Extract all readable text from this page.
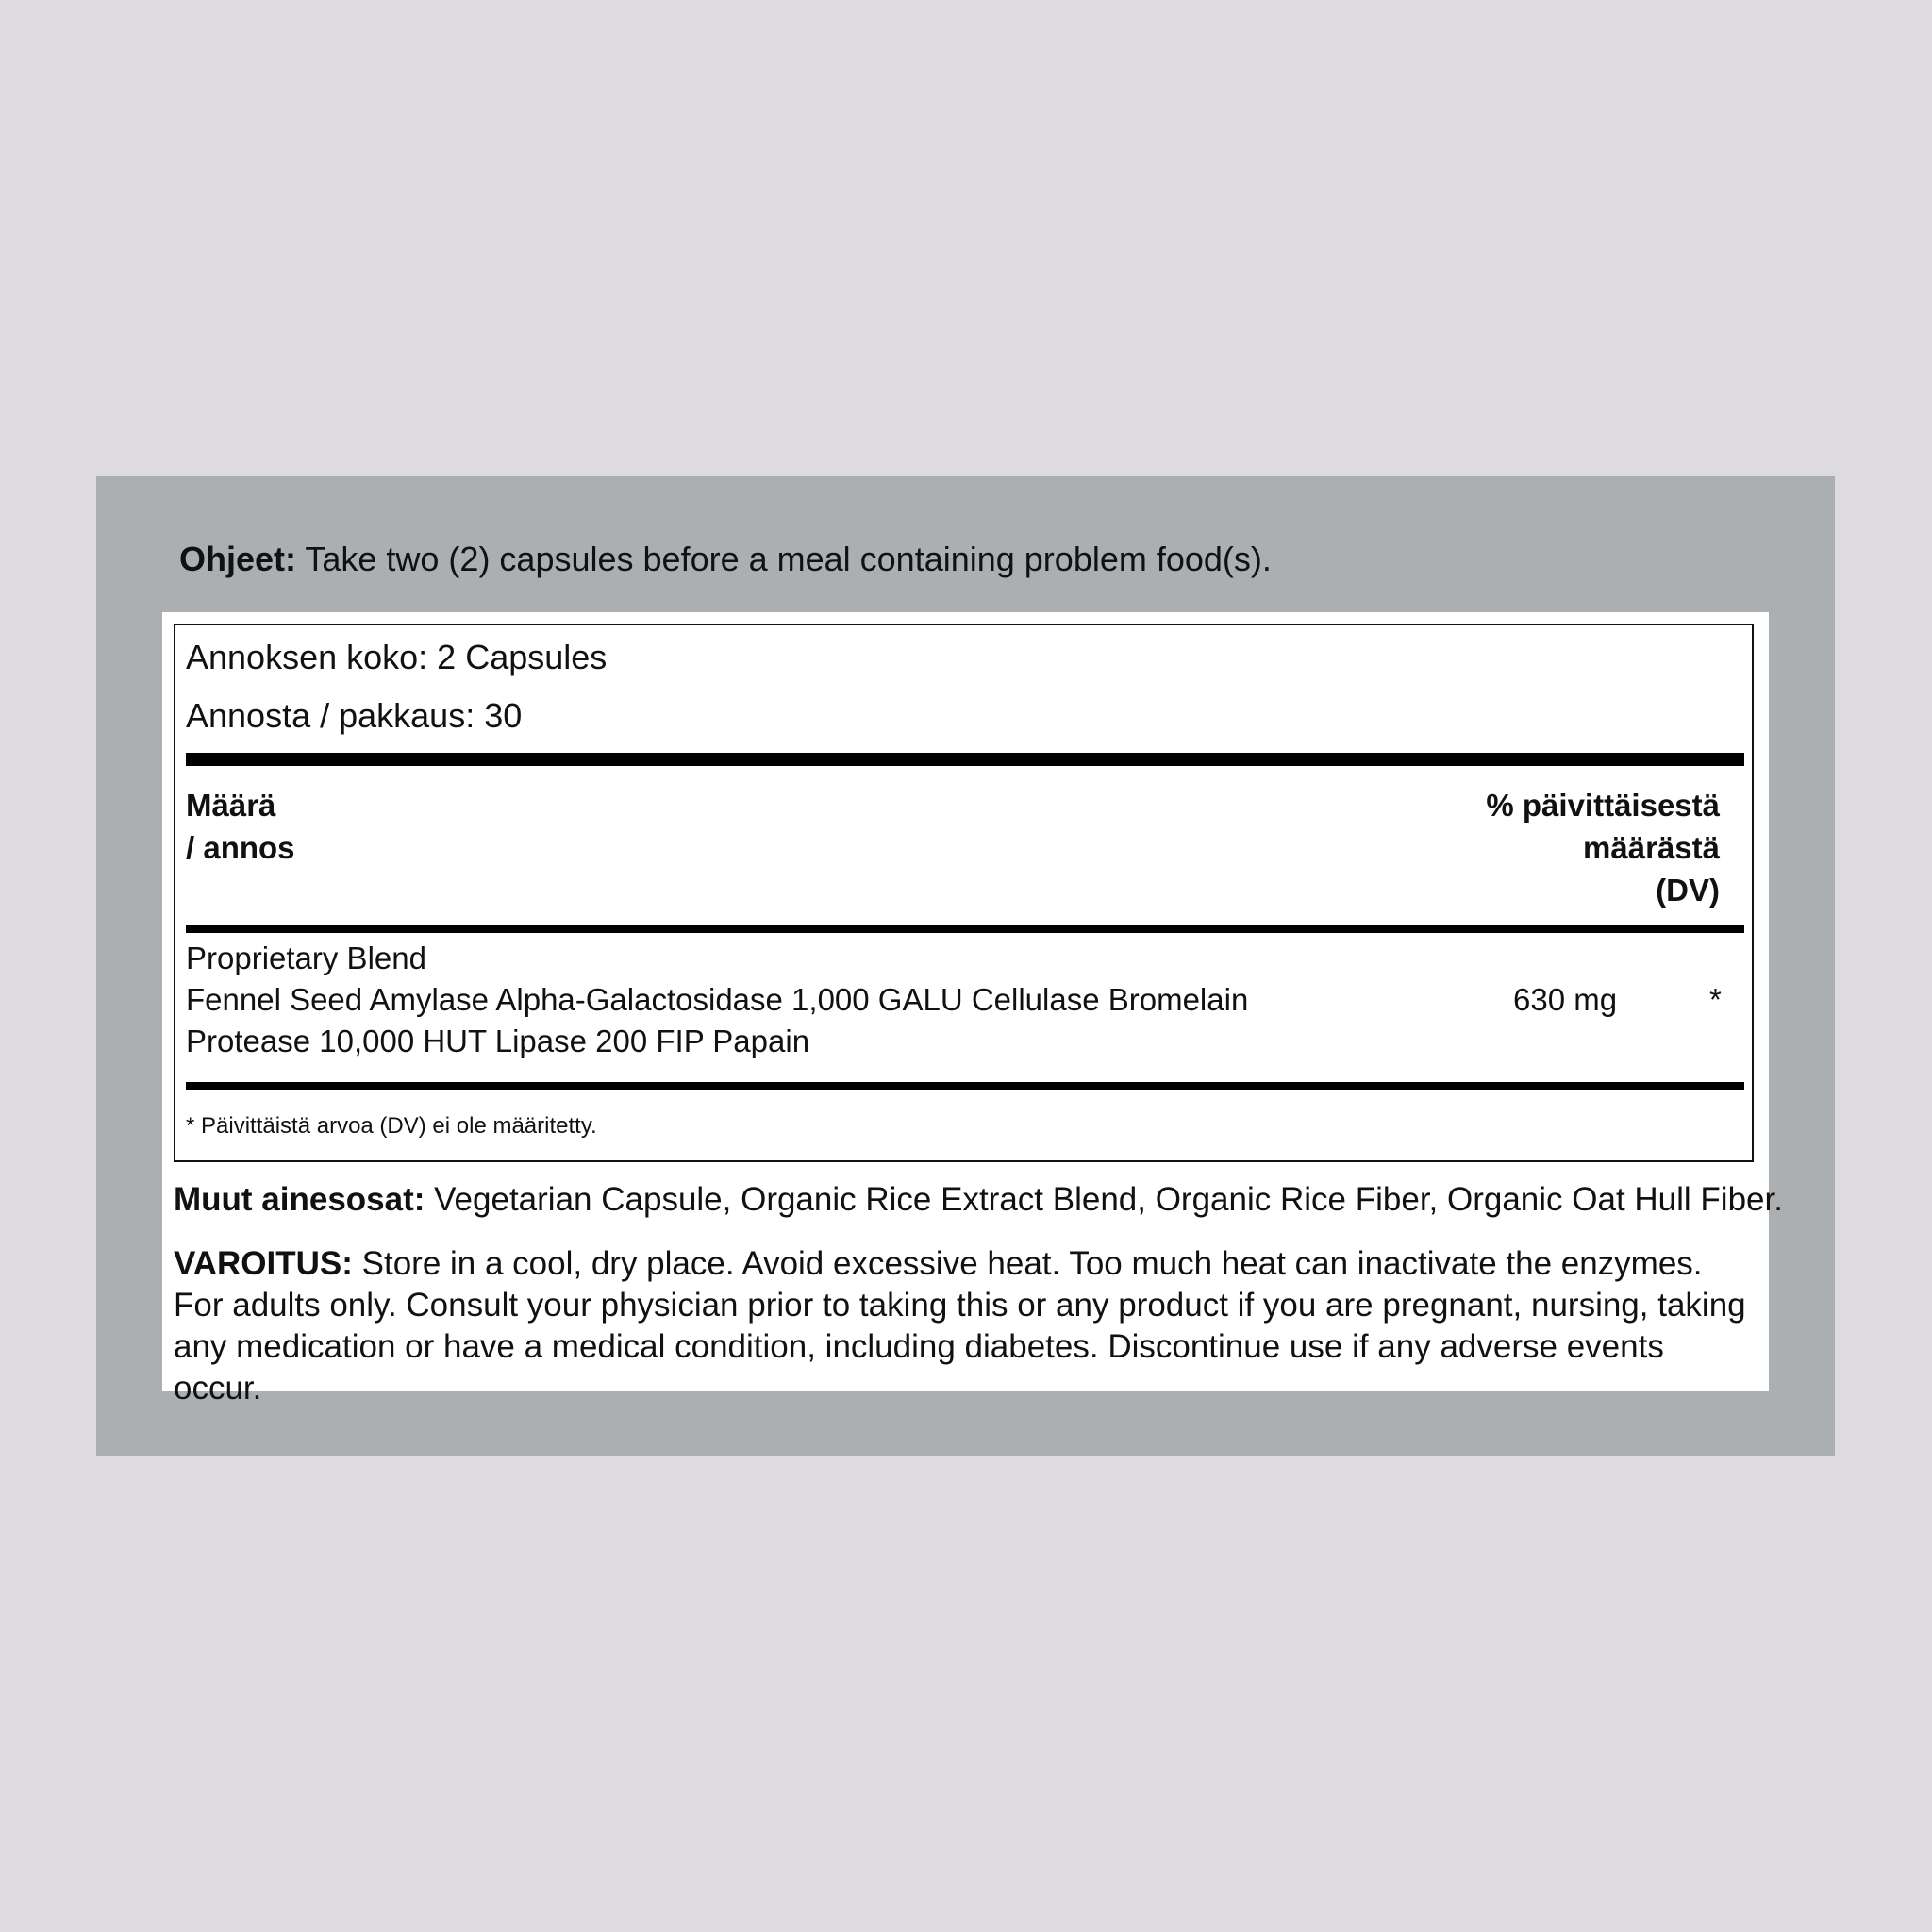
Ohjeet: Take two (2) capsules before a meal containing problem food(s).
Annoksen koko: 2 Capsules
Annosta / pakkaus: 30
Määrä
/ annos
% päivittäisestä
määrästä
(DV)
Proprietary Blend
Fennel Seed Amylase Alpha-Galactosidase 1,000 GALU Cellulase Bromelain
Protease 10,000 HUT Lipase 200 FIP Papain
630 mg	*
* Päivittäistä arvoa (DV) ei ole määritetty.
Muut ainesosat: Vegetarian Capsule, Organic Rice Extract Blend, Organic Rice Fiber, Organic Oat Hull Fiber.
VAROITUS: Store in a cool, dry place. Avoid excessive heat. Too much heat can inactivate the enzymes. For adults only. Consult your physician prior to taking this or any product if you are pregnant, nursing, taking any medication or have a medical condition, including diabetes. Discontinue use if any adverse events occur.
